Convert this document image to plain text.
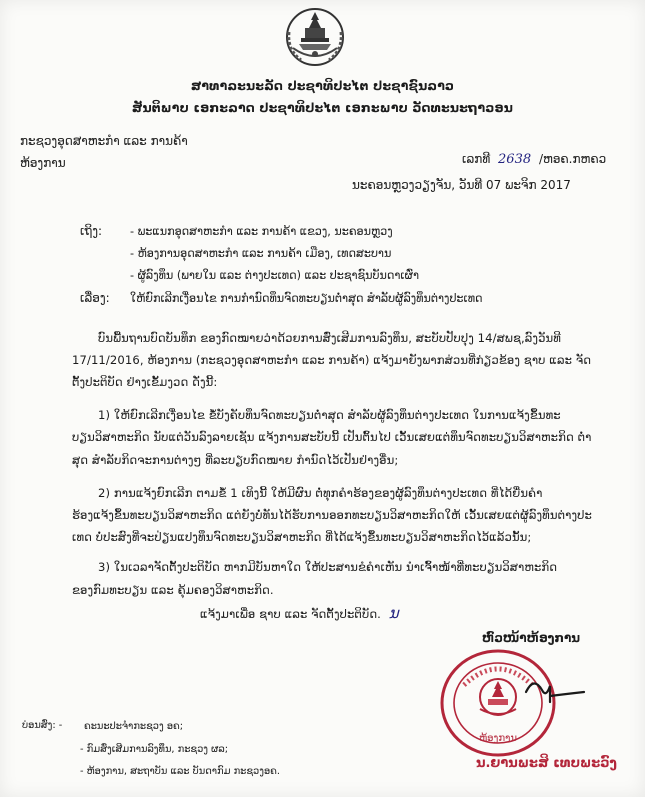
ສາທາລະນະລັດ ປະຊາທິປະໄຕ ປະຊາຊົນລາວ
ສັນຕິພາບ ເອກະລາດ ປະຊາທິປະໄຕ ເອກະພາບ ວັດທະນະຖາວອນ
ກະຊວງອຸດສາຫະກໍາ ແລະ ການຄ້າ
ຫ້ອງການ	ເລກທີ 2638 /ຫອຄ.ກຫຄວ
ນະຄອນຫຼວງວຽງຈັນ, ວັນທີ 07 ພະຈິກ 2017
ເຖິງ: - ພະແນກອຸດສາຫະກໍາ ແລະ ການຄ້າ ແຂວງ, ນະຄອນຫຼວງ
- ຫ້ອງການອຸດສາຫະກໍາ ແລະ ການຄ້າ ເມືອງ, ເທດສະບານ
- ຜູ້ລົງທຶນ (ພາຍໃນ ແລະ ຕ່າງປະເທດ) ແລະ ປະຊາຊົນບັນດາເຜົ່າ
ເລື່ອງ: ໃຫ້ຍົກເລີກເງື່ອນໄຂ ການກໍານົດທຶນຈົດທະບຽນຕໍ່າສຸດ ສໍາລັບຜູ້ລົງທຶນຕ່າງປະເທດ
ບົນພື້ນຖານບົດບັນທຶກ ຂອງກົດໝາຍວ່າດ້ວຍການສົ່ງເສີມການລົງທຶນ, ສະບັບປັບປຸງ 14/ສພຊ,ລົງວັນທີ
17/11/2016, ຫ້ອງການ (ກະຊວງອຸດສາຫະກໍາ ແລະ ການຄ້າ) ແຈ້ງມາຍັງພາກສ່ວນທີ່ກ່ຽວຂ້ອງ ຊາບ ແລະ ຈັດ
ຕັ້ງປະຕິບັດ ຢ່າງເຂັ້ມງວດ ດັ່ງນີ້:
1) ໃຫ້ຍົກເລີກເງື່ອນໄຂ ຂໍ້ບັງຄັບທຶນຈົດທະບຽນຕໍ່າສຸດ ສໍາລັບຜູ້ລົງທຶນຕ່າງປະເທດ ໃນການແຈ້ງຂຶ້ນທະ
ບຽນວິສາຫະກິດ ນັບແຕ່ວັນລົງລາຍເຊັນ ແຈ້ງການສະບັບນີ້ ເປັນຕົ້ນໄປ ເວັ້ນເສຍແຕ່ທຶນຈົດທະບຽນວິສາຫະກິດ ຕໍ່າ
ສຸດ ສໍາລັບກິດຈະການຕ່າງໆ ທີ່ລະບຽບກົດໝາຍ ກໍານົດໄວ້ເປັນຢ່າງອື່ນ;
2) ການແຈ້ງຍົກເລີກ ຕາມຂໍ້ 1 ເທິງນີ້ ໃຫ້ມີຜົນ ຕໍ່ທຸກຄໍາຮ້ອງຂອງຜູ້ລົງທຶນຕ່າງປະເທດ ທີ່ໄດ້ຍື່ນຄໍາ
ຮ້ອງແຈ້ງຂຶ້ນທະບຽນວິສາຫະກິດ ແຕ່ຍັງບໍ່ທັນໄດ້ຮັບການອອກທະບຽນວິສາຫະກິດໃຫ້ ເວັ້ນເສຍແຕ່ຜູ້ລົງທຶນຕ່າງປະ
ເທດ ບໍ່ປະສົງທີ່ຈະປ່ຽນແປງທຶນຈົດທະບຽນວິສາຫະກິດ ທີ່ໄດ້ແຈ້ງຂຶ້ນທະບຽນວິສາຫະກິດໄວ້ແລ້ວນັ້ນ;
3) ໃນເວລາຈັດຕັ້ງປະຕິບັດ ຫາກມີບັນຫາໃດ ໃຫ້ປະສານຂໍຄໍາເຫັນ ນໍາເຈົ້າໜ້າທີ່ທະບຽນວິສາຫະກິດ
ຂອງກົມທະບຽນ ແລະ ຄຸ້ມຄອງວິສາຫະກິດ.
ແຈ້ງມາເພື່ອ ຊາບ ແລະ ຈັດຕັ້ງປະຕິບັດ. ນ
ຫົວໜ້າຫ້ອງການ
ຫ້ອງການ
ນ.ຍານພະສິ ເທບພະວົງ
ບ່ອນສົ່ງ: - ຄະນະປະຈໍາກະຊວງ ອຄ;
- ກົມສົ່ງເສີມການລົງທຶນ, ກະຊວງ ຜລ;
- ຫ້ອງການ, ສະຖາບັນ ແລະ ບັນດາກົມ ກະຊວງອຄ.
